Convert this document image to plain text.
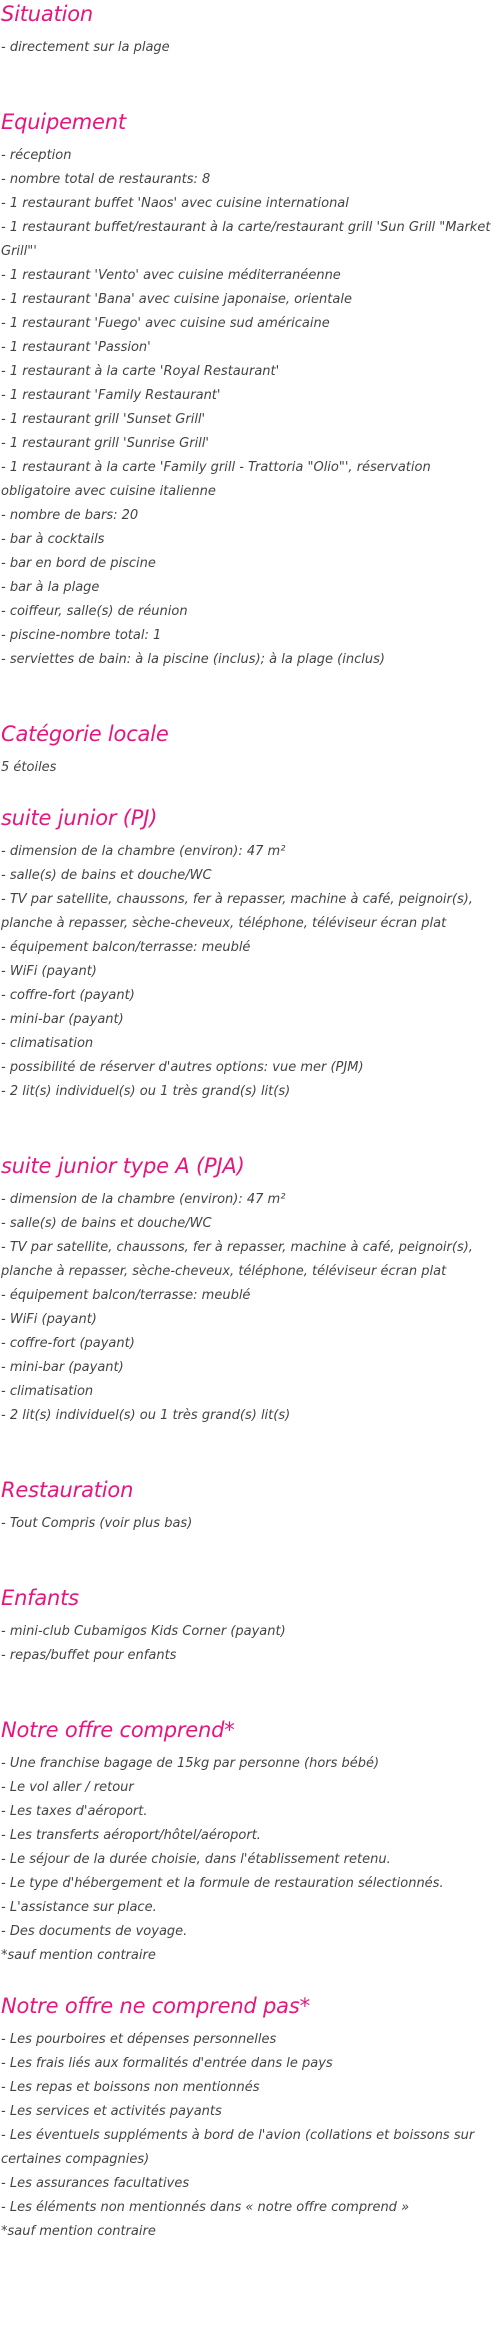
Situation
- directement sur la plage
Equipement
- réception
- nombre total de restaurants: 8
- 1 restaurant buffet 'Naos' avec cuisine international
- 1 restaurant buffet/restaurant à la carte/restaurant grill 'Sun Grill "Market Grill"'
- 1 restaurant 'Vento' avec cuisine méditerranéenne
- 1 restaurant 'Bana' avec cuisine japonaise, orientale
- 1 restaurant 'Fuego' avec cuisine sud américaine
- 1 restaurant 'Passion'
- 1 restaurant à la carte 'Royal Restaurant'
- 1 restaurant 'Family Restaurant'
- 1 restaurant grill 'Sunset Grill'
- 1 restaurant grill 'Sunrise Grill'
- 1 restaurant à la carte 'Family grill - Trattoria "Olio"', réservation obligatoire avec cuisine italienne
- nombre de bars: 20
- bar à cocktails
- bar en bord de piscine
- bar à la plage
- coiffeur, salle(s) de réunion
- piscine-nombre total: 1
- serviettes de bain: à la piscine (inclus); à la plage (inclus)
Catégorie locale
5 étoiles
suite junior (PJ)
- dimension de la chambre (environ): 47 m²
- salle(s) de bains et douche/WC
- TV par satellite, chaussons, fer à repasser, machine à café, peignoir(s), planche à repasser, sèche-cheveux, téléphone, téléviseur écran plat
- équipement balcon/terrasse: meublé
- WiFi (payant)
- coffre-fort (payant)
- mini-bar (payant)
- climatisation
- possibilité de réserver d'autres options: vue mer (PJM)
- 2 lit(s) individuel(s) ou 1 très grand(s) lit(s)
suite junior type A (PJA)
- dimension de la chambre (environ): 47 m²
- salle(s) de bains et douche/WC
- TV par satellite, chaussons, fer à repasser, machine à café, peignoir(s), planche à repasser, sèche-cheveux, téléphone, téléviseur écran plat
- équipement balcon/terrasse: meublé
- WiFi (payant)
- coffre-fort (payant)
- mini-bar (payant)
- climatisation
- 2 lit(s) individuel(s) ou 1 très grand(s) lit(s)
Restauration
- Tout Compris (voir plus bas)
Enfants
- mini-club Cubamigos Kids Corner (payant)
- repas/buffet pour enfants
Notre offre comprend*
- Une franchise bagage de 15kg par personne (hors bébé)
- Le vol aller / retour
- Les taxes d'aéroport.
- Les transferts aéroport/hôtel/aéroport.
- Le séjour de la durée choisie, dans l'établissement retenu.
- Le type d'hébergement et la formule de restauration sélectionnés.
- L'assistance sur place.
- Des documents de voyage.

*sauf mention contraire

Notre offre ne comprend pas*
- Les pourboires et dépenses personnelles
- Les frais liés aux formalités d'entrée dans le pays
- Les repas et boissons non mentionnés
- Les services et activités payants
- Les éventuels suppléments à bord de l'avion (collations et boissons sur certaines compagnies)
- Les assurances facultatives
- Les éléments non mentionnés dans « notre offre comprend »

*sauf mention contraire
